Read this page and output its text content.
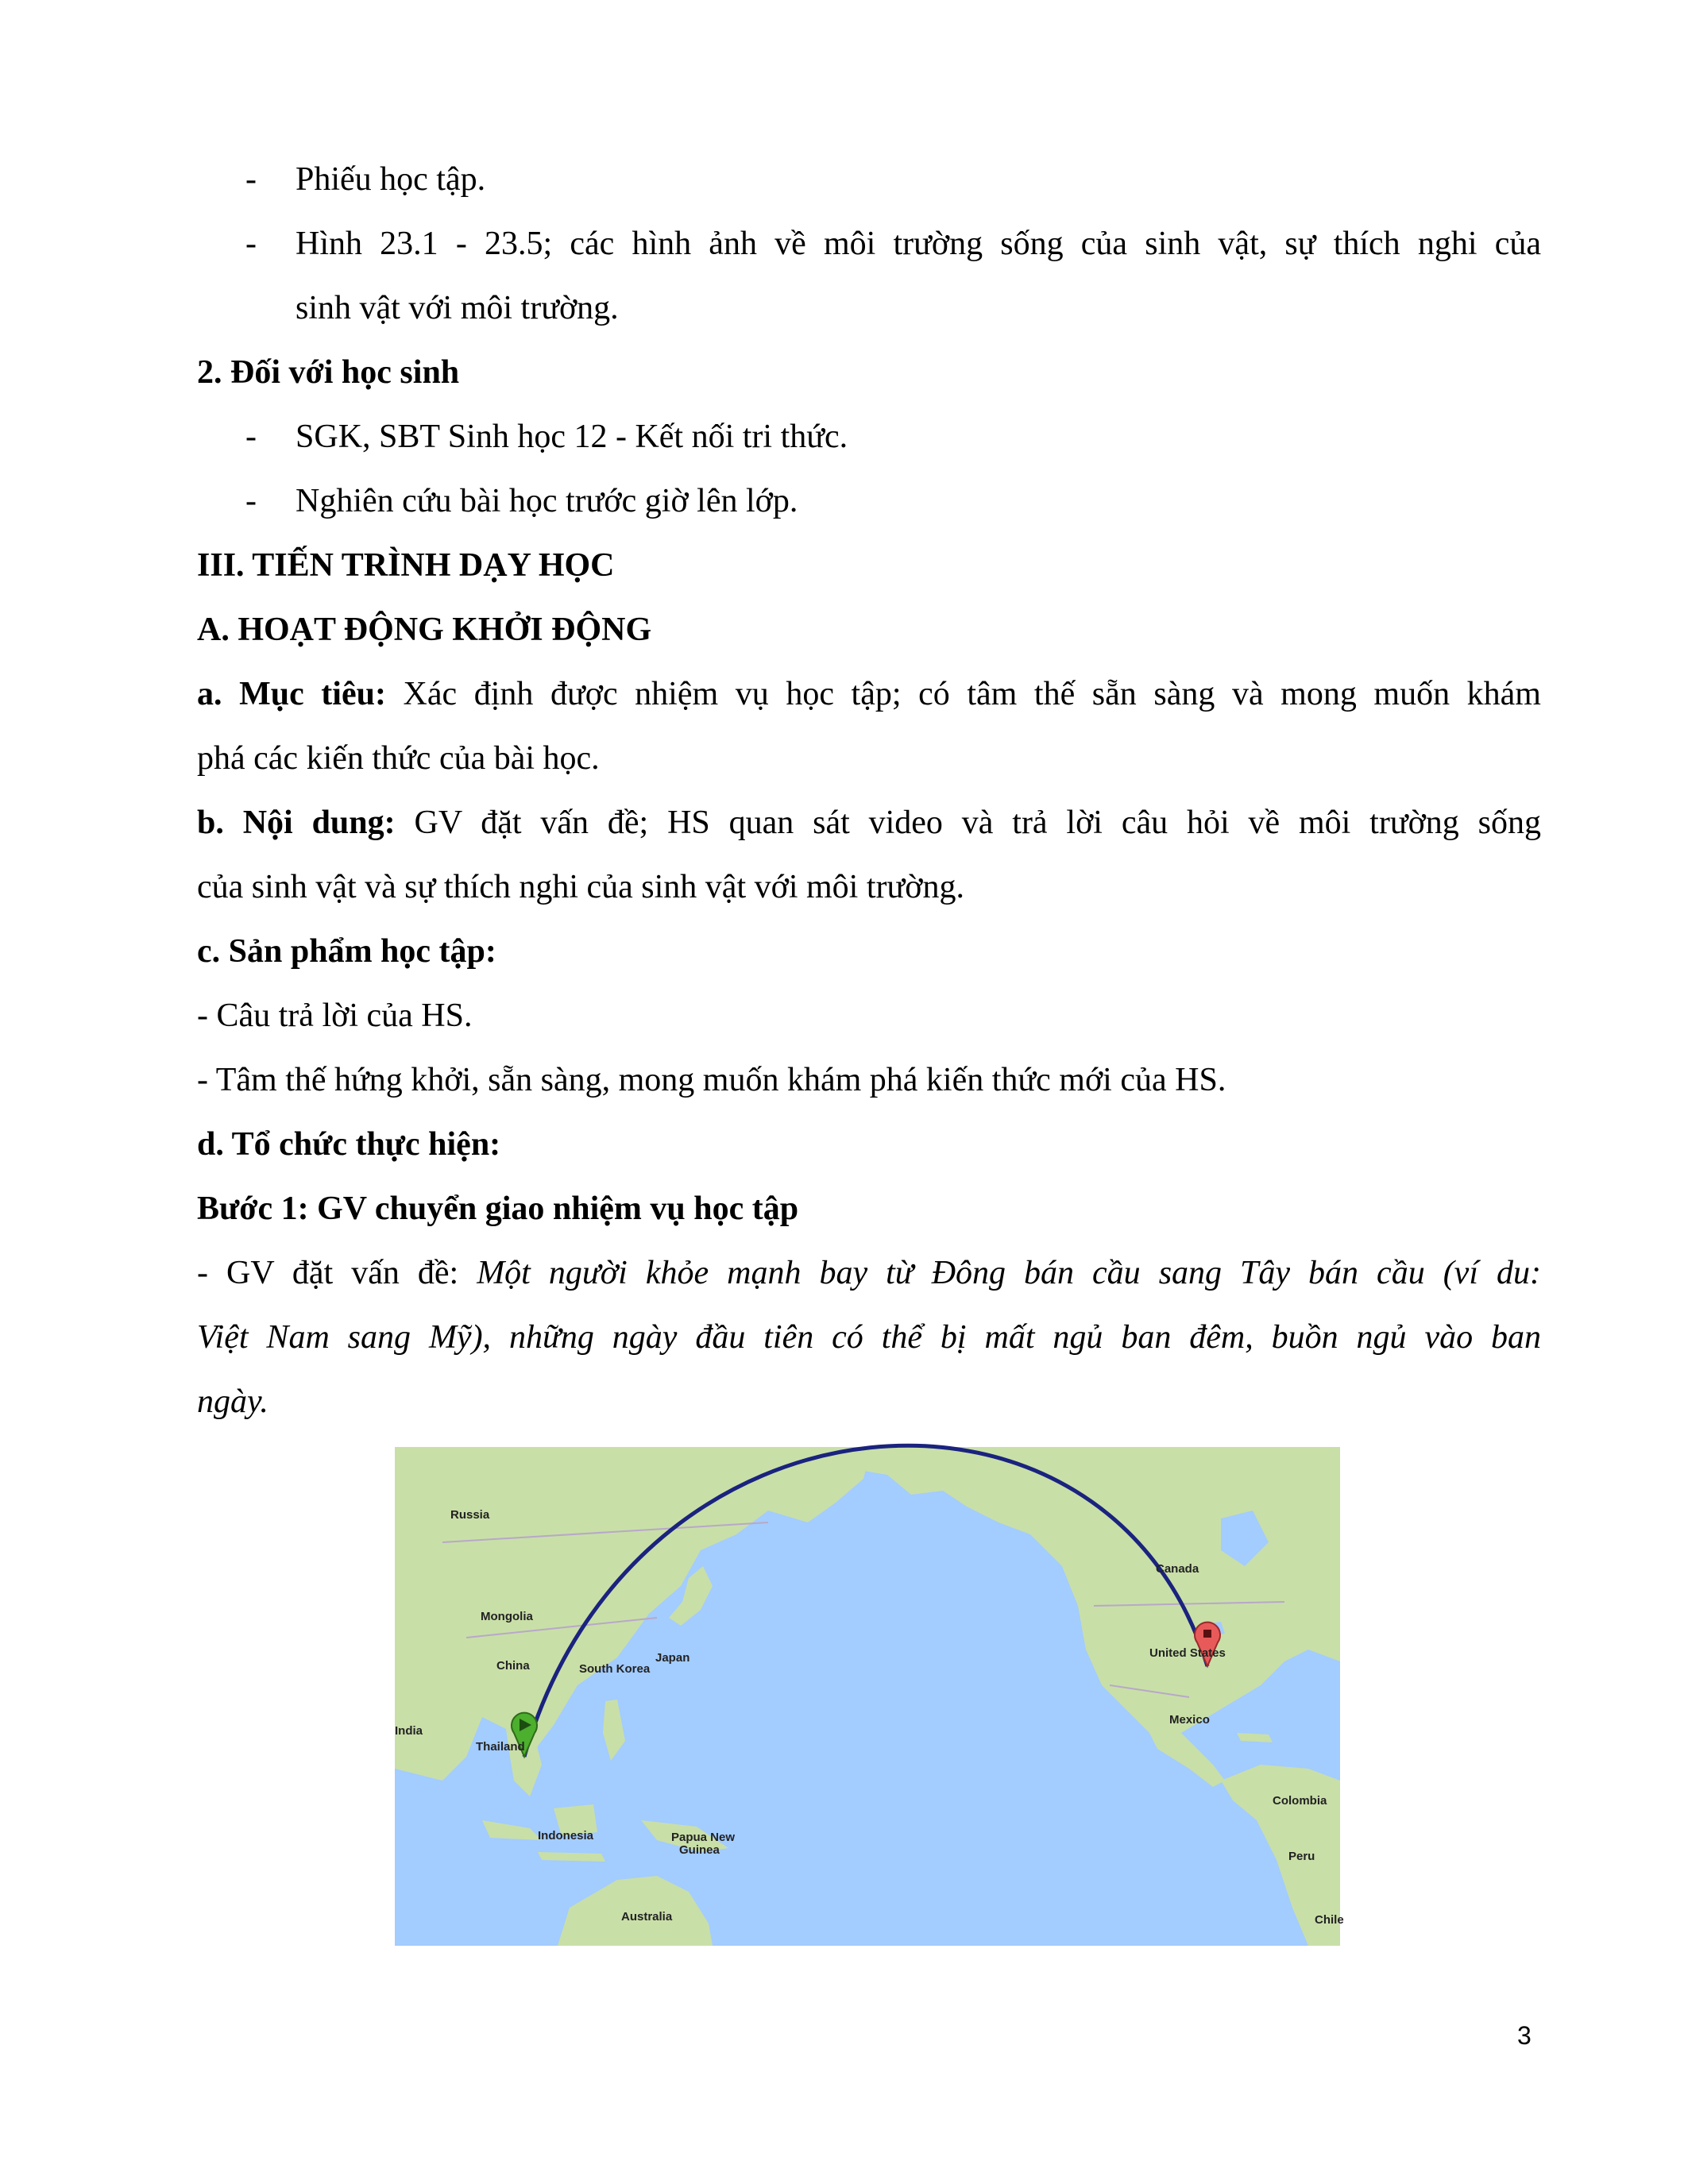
- Phiếu học tập.
- Hình 23.1 - 23.5; các hình ảnh về môi trường sống của sinh vật, sự thích nghi của
sinh vật với môi trường.
2. Đối với học sinh
- SGK, SBT Sinh học 12 - Kết nối tri thức.
- Nghiên cứu bài học trước giờ lên lớp.
III. TIẾN TRÌNH DẠY HỌC
A. HOẠT ĐỘNG KHỞI ĐỘNG
a. Mục tiêu: Xác định được nhiệm vụ học tập; có tâm thế sẵn sàng và mong muốn khám
phá các kiến thức của bài học.
b. Nội dung: GV đặt vấn đề; HS quan sát video và trả lời câu hỏi về môi trường sống
của sinh vật và sự thích nghi của sinh vật với môi trường.
c. Sản phẩm học tập:
- Câu trả lời của HS.
- Tâm thế hứng khởi, sẵn sàng, mong muốn khám phá kiến thức mới của HS.
d. Tổ chức thực hiện:
Bước 1: GV chuyển giao nhiệm vụ học tập
- GV đặt vấn đề: Một người khỏe mạnh bay từ Đông bán cầu sang Tây bán cầu (ví du:
Việt Nam sang Mỹ), những ngày đầu tiên có thể bị mất ngủ ban đêm, buồn ngủ vào ban
ngày.
Russia
Mongolia
China	South Korea
Japan
India
Thailand
Indonesia	Papua New
Guinea
Australia
Canada
United States
Mexico
Colombia
Peru
Chile
3
